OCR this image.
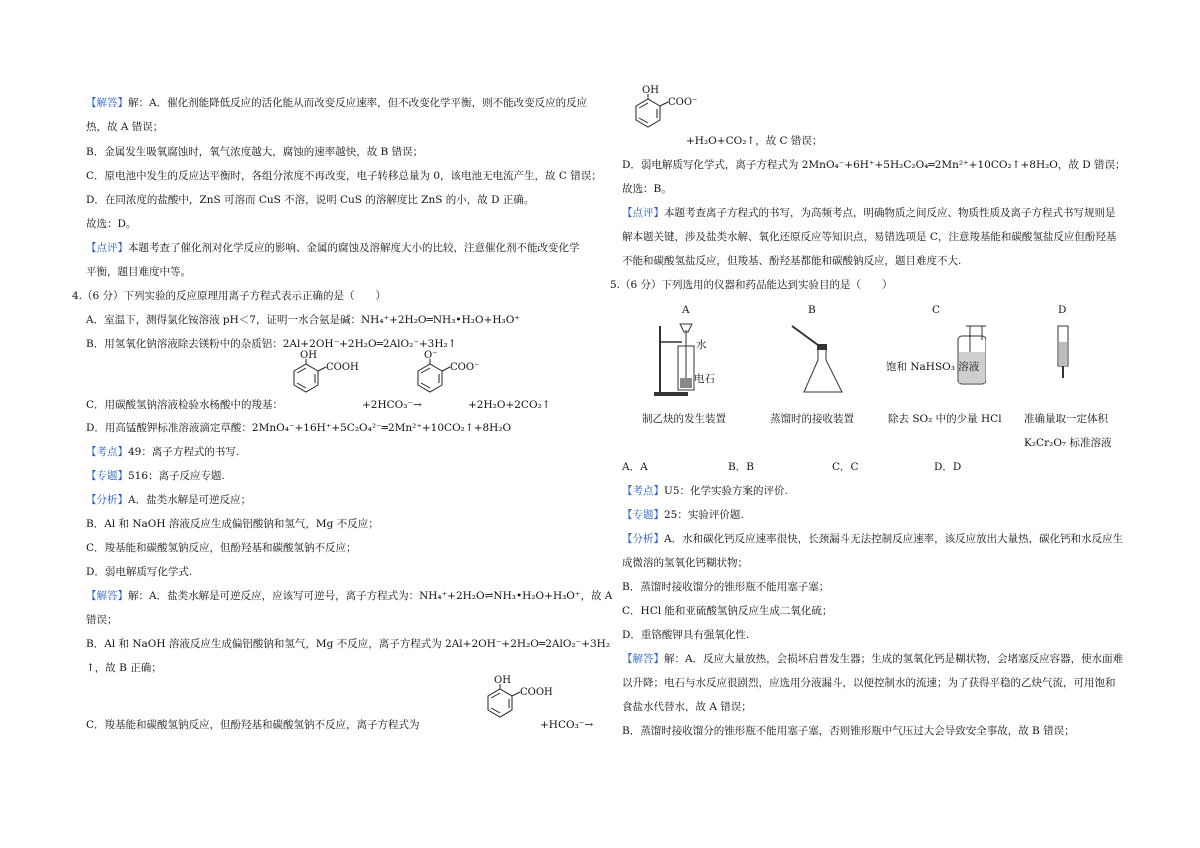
【解答】解：A．催化剂能降低反应的活化能从而改变反应速率，但不改变化学平衡，则不能改变反应的反应
热，故 A 错误；
B．金属发生吸氧腐蚀时，氧气浓度越大，腐蚀的速率越快，故 B 错误；
C．原电池中发生的反应达平衡时，各组分浓度不再改变，电子转移总量为 0，该电池无电流产生，故 C 错误；
D．在同浓度的盐酸中，ZnS 可溶而 CuS 不溶，说明 CuS 的溶解度比 ZnS 的小，故 D 正确。
故选：D。
【点评】本题考查了催化剂对化学反应的影响、金属的腐蚀及溶解度大小的比较，注意催化剂不能改变化学
平衡，题目难度中等。
4.（6 分）下列实验的反应原理用离子方程式表示正确的是（　　）
A．室温下，测得氯化铵溶液 pH＜7，证明一水合氨是碱：NH₄⁺+2H₂O═NH₃•H₂O+H₃O⁺
B．用氢氧化钠溶液除去镁粉中的杂质铝：2Al+2OH⁻+2H₂O═2AlO₂⁻+3H₂↑
OH
COOH
C．用碳酸氢钠溶液检验水杨酸中的羧基：	+2HCO₃⁻→
O⁻
COO⁻
+2H₂O+2CO₂↑
D．用高锰酸钾标准溶液滴定草酸：2MnO₄⁻+16H⁺+5C₂O₄²⁻═2Mn²⁺+10CO₂↑+8H₂O
【考点】49：离子方程式的书写.
【专题】516：离子反应专题.
【分析】A．盐类水解是可逆反应；
B．Al 和 NaOH 溶液反应生成偏铝酸钠和氢气，Mg 不反应；
C．羧基能和碳酸氢钠反应，但酚羟基和碳酸氢钠不反应；
D．弱电解质写化学式.
【解答】解：A．盐类水解是可逆反应，应该写可逆号，离子方程式为：NH₄⁺+2H₂O⇌NH₃•H₂O+H₃O⁺，故 A
错误；
B．Al 和 NaOH 溶液反应生成偏铝酸钠和氢气，Mg 不反应，离子方程式为 2Al+2OH⁻+2H₂O═2AlO₂⁻+3H₂
↑，故 B 正确；
OH
COOH
C．羧基能和碳酸氢钠反应，但酚羟基和碳酸氢钠不反应，离子方程式为	+HCO₃⁻→
OH
COO⁻
+H₂O+CO₂↑，故 C 错误；
D．弱电解质写化学式，离子方程式为 2MnO₄⁻+6H⁺+5H₂C₂O₄═2Mn²⁺+10CO₂↑+8H₂O，故 D 错误；
故选：B。
【点评】本题考查离子方程式的书写，为高频考点，明确物质之间反应、物质性质及离子方程式书写规则是
解本题关键，涉及盐类水解、氧化还原反应等知识点，易错选项是 C，注意羧基能和碳酸氢盐反应但酚羟基
不能和碳酸氢盐反应，但羧基、酚羟基都能和碳酸钠反应，题目难度不大.
5.（6 分）下列选用的仪器和药品能达到实验目的是（　　）
A	B	C	D
水
电石
饱和 NaHSO₃ 溶液
制乙炔的发生装置	蒸馏时的接收装置	除去 SO₂ 中的少量 HCl 准确量取一定体积
K₂Cr₂O₇ 标准溶液
A．A	B．B	C．C	D．D
【考点】U5：化学实验方案的评价.
【专题】25：实验评价题.
【分析】A．水和碳化钙反应速率很快，长颈漏斗无法控制反应速率，该反应放出大量热，碳化钙和水反应生
成微溶的氢氧化钙糊状物；
B．蒸馏时接收馏分的锥形瓶不能用塞子塞；
C．HCl 能和亚硫酸氢钠反应生成二氧化硫；
D．重铬酸钾具有强氧化性.
【解答】解：A．反应大量放热，会损坏启普发生器；生成的氢氧化钙是糊状物，会堵塞反应容器，使水面难
以升降；电石与水反应很剧烈，应选用分液漏斗，以便控制水的流速；为了获得平稳的乙炔气流，可用饱和
食盐水代替水，故 A 错误；
B．蒸馏时接收馏分的锥形瓶不能用塞子塞，否则锥形瓶中气压过大会导致安全事故，故 B 错误；
